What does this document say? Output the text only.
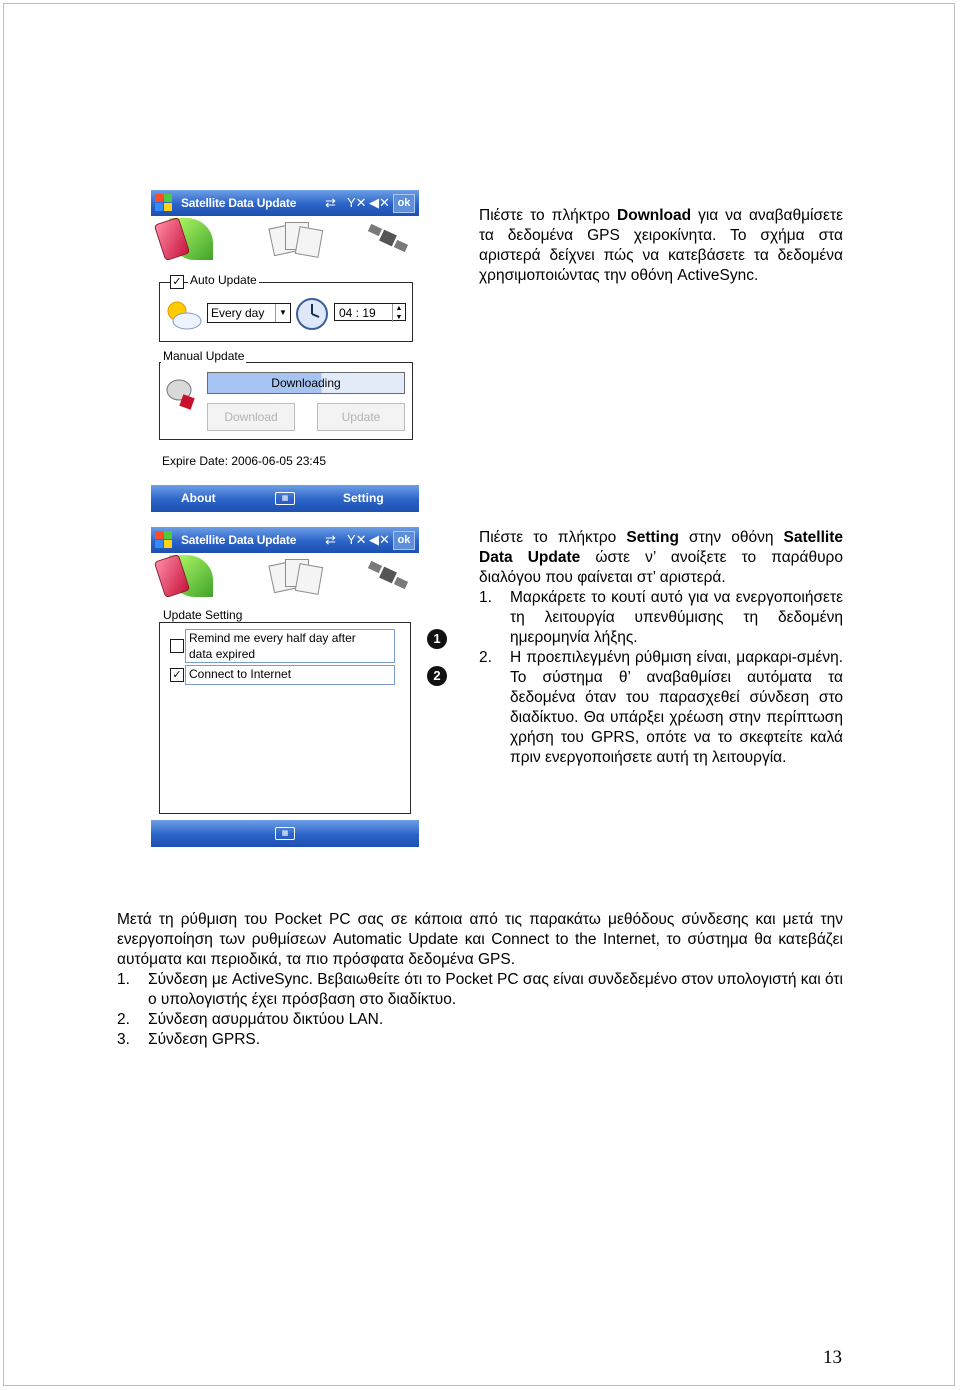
Satellite Data Update ⇄ Y✕ ◀✕ ok
✓ Auto Update
Every day	▼	04 : 19	▲
▼
Manual Update
Downloading
Download	Update
Expire Date: 2006-06-05 23:45
About	▦	Setting
Satellite Data Update ⇄ Y✕ ◀✕ ok
Update Setting
Remind me every half day after
data expired
✓ Connect to Internet
▦
1
2

Πιέστε το πλήκτρο Download για να αναβαθμίσετε τα δεδομένα GPS χειροκίνητα. Το σχήμα στα αριστερά δείχνει πώς να κατεβάσετε τα δεδομένα χρησιμοποιώντας την οθόνη ActiveSync.

Πιέστε το πλήκτρο Setting στην οθόνη Satellite Data Update ώστε ν’ ανοίξετε το παράθυρο διαλόγου που φαίνεται στ’ αριστερά.

1.	Μαρκάρετε το κουτί αυτό για να ενεργοποιήσετε τη λειτουργία υπενθύμισης τη δεδομένη ημερομηνία λήξης.
2.	Η προεπιλεγμένη ρύθμιση είναι, μαρκαρι-σμένη. Το σύστημα θ’ αναβαθμίσει αυτόματα τα δεδομένα όταν του παρασχεθεί σύνδεση στο διαδίκτυο. Θα υπάρξει χρέωση στην περίπτωση χρήση του GPRS, οπότε να το σκεφτείτε καλά πριν ενεργοποιήσετε αυτή τη λειτουργία.

Μετά τη ρύθμιση του Pocket PC σας σε κάποια από τις παρακάτω μεθόδους σύνδεσης και μετά την ενεργοποίηση των ρυθμίσεων Automatic Update και Connect to the Internet, το σύστημα θα κατεβάζει αυτόματα και περιοδικά, τα πιο πρόσφατα δεδομένα GPS.

1.	Σύνδεση με ActiveSync. Βεβαιωθείτε ότι το Pocket PC σας είναι συνδεδεμένο στον υπολογιστή και ότι ο υπολογιστής έχει πρόσβαση στο διαδίκτυο.
2.	Σύνδεση ασυρμάτου δικτύου LAN.
3.	Σύνδεση GPRS.
13
